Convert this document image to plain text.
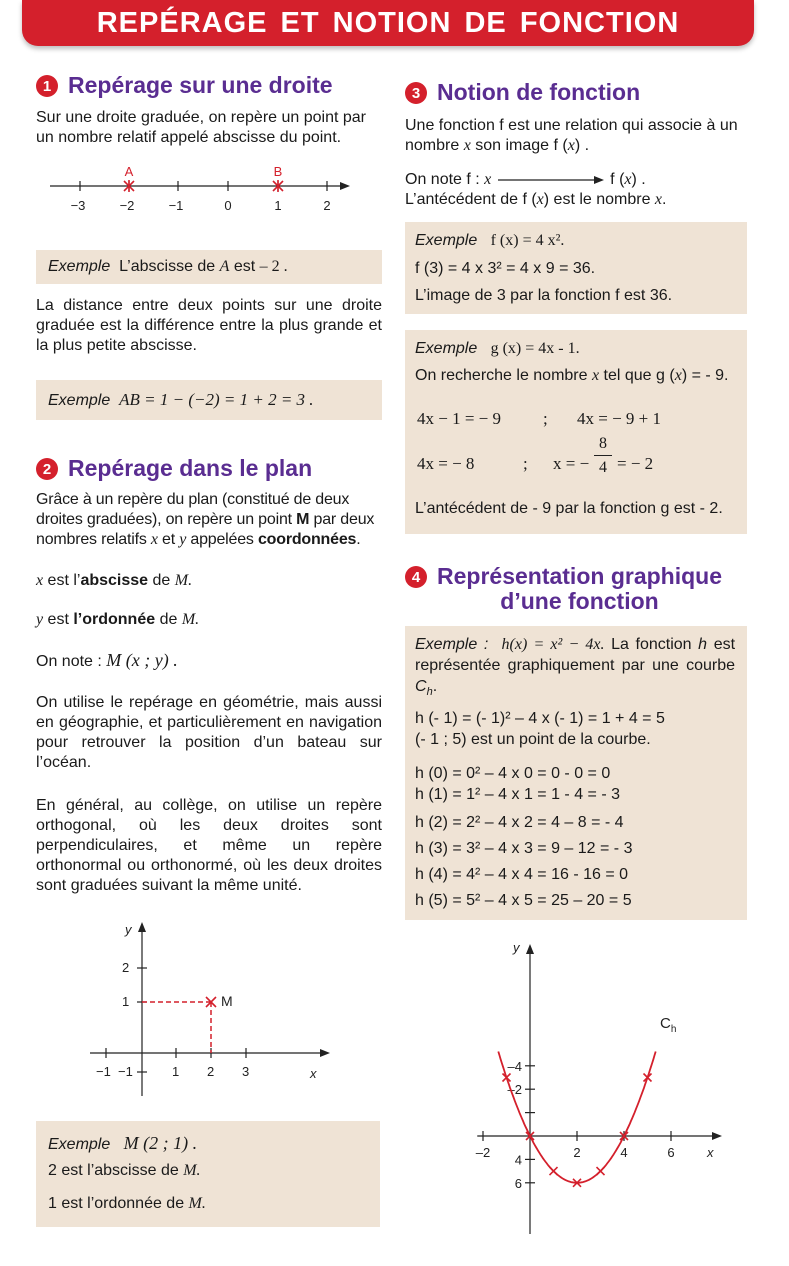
REPÉRAGE ET NOTION DE FONCTION
1 Repérage sur une droite
Sur une droite graduée, on repère un point par un nombre relatif appelé abscisse du point.
A	B
−3	−2	−1	0	1	2
Exemple L’abscisse de A est – 2 .
La distance entre deux points sur une droite graduée est la différence entre la plus grande et la plus petite abscisse.
Exemple AB = 1 − (−2) = 1 + 2 = 3 .
2 Repérage dans le plan
Grâce à un repère du plan (constitué de deux droites graduées), on repère un point M par deux nombres relatifs x et y appelées coordonnées.
x est l’abscisse de M.
y est l’ordonnée de M.
On note : M (x ; y) .
On utilise le repérage en géométrie, mais aussi en géographie, et particulièrement en navigation pour retrouver la position d’un bateau sur l’océan.
En général, au collège, on utilise un repère orthogonal, où les deux droites sont perpendiculaires, et même un repère orthonormal ou orthonormé, où les deux droites sont graduées suivant la même unité.
M
y
x
2
1
−1
−1	1 2 3
Exemple M (2 ; 1) .
2 est l’abscisse de M.
1 est l’ordonnée de M.
3 Notion de fonction
Une fonction f est une relation qui associe à un nombre x son image f (x) .
On note f : x	f (x) .
L’antécédent de f (x) est le nombre x.
Exemple f (x) = 4 x².
f (3) = 4 x 3² = 4 x 9 = 36.
L’image de 3 par la fonction f est 36.
Exemple g (x) = 4x - 1.
On recherche le nombre x tel que g (x) = - 9.
4x − 1 = − 9 ; 4x = − 9 + 1
4x = − 8	; x = −
8
4 = − 2
L’antécédent de - 9 par la fonction g est - 2.
4 Représentation graphique

d’une fonction
Exemple : h(x) = x² − 4x. La fonction h est représentée graphiquement par une courbe $C_h$.
h (- 1) = (- 1)² – 4 x (- 1) = 1 + 4 = 5
(- 1 ; 5) est un point de la courbe.
h (0) = 0² – 4 x 0 = 0 - 0 = 0
h (1) = 1² – 4 x 1 = 1 - 4 = - 3
h (2) = 2² – 4 x 2 = 4 – 8 = - 4
h (3) = 3² – 4 x 3 = 9 – 12 = - 3
h (4) = 4² – 4 x 4 = 16 - 16 = 0
h (5) = 5² – 4 x 5 = 25 – 20 = 5
–2	2	4	6
6
4
–2
–4
y
x
$C_h$
